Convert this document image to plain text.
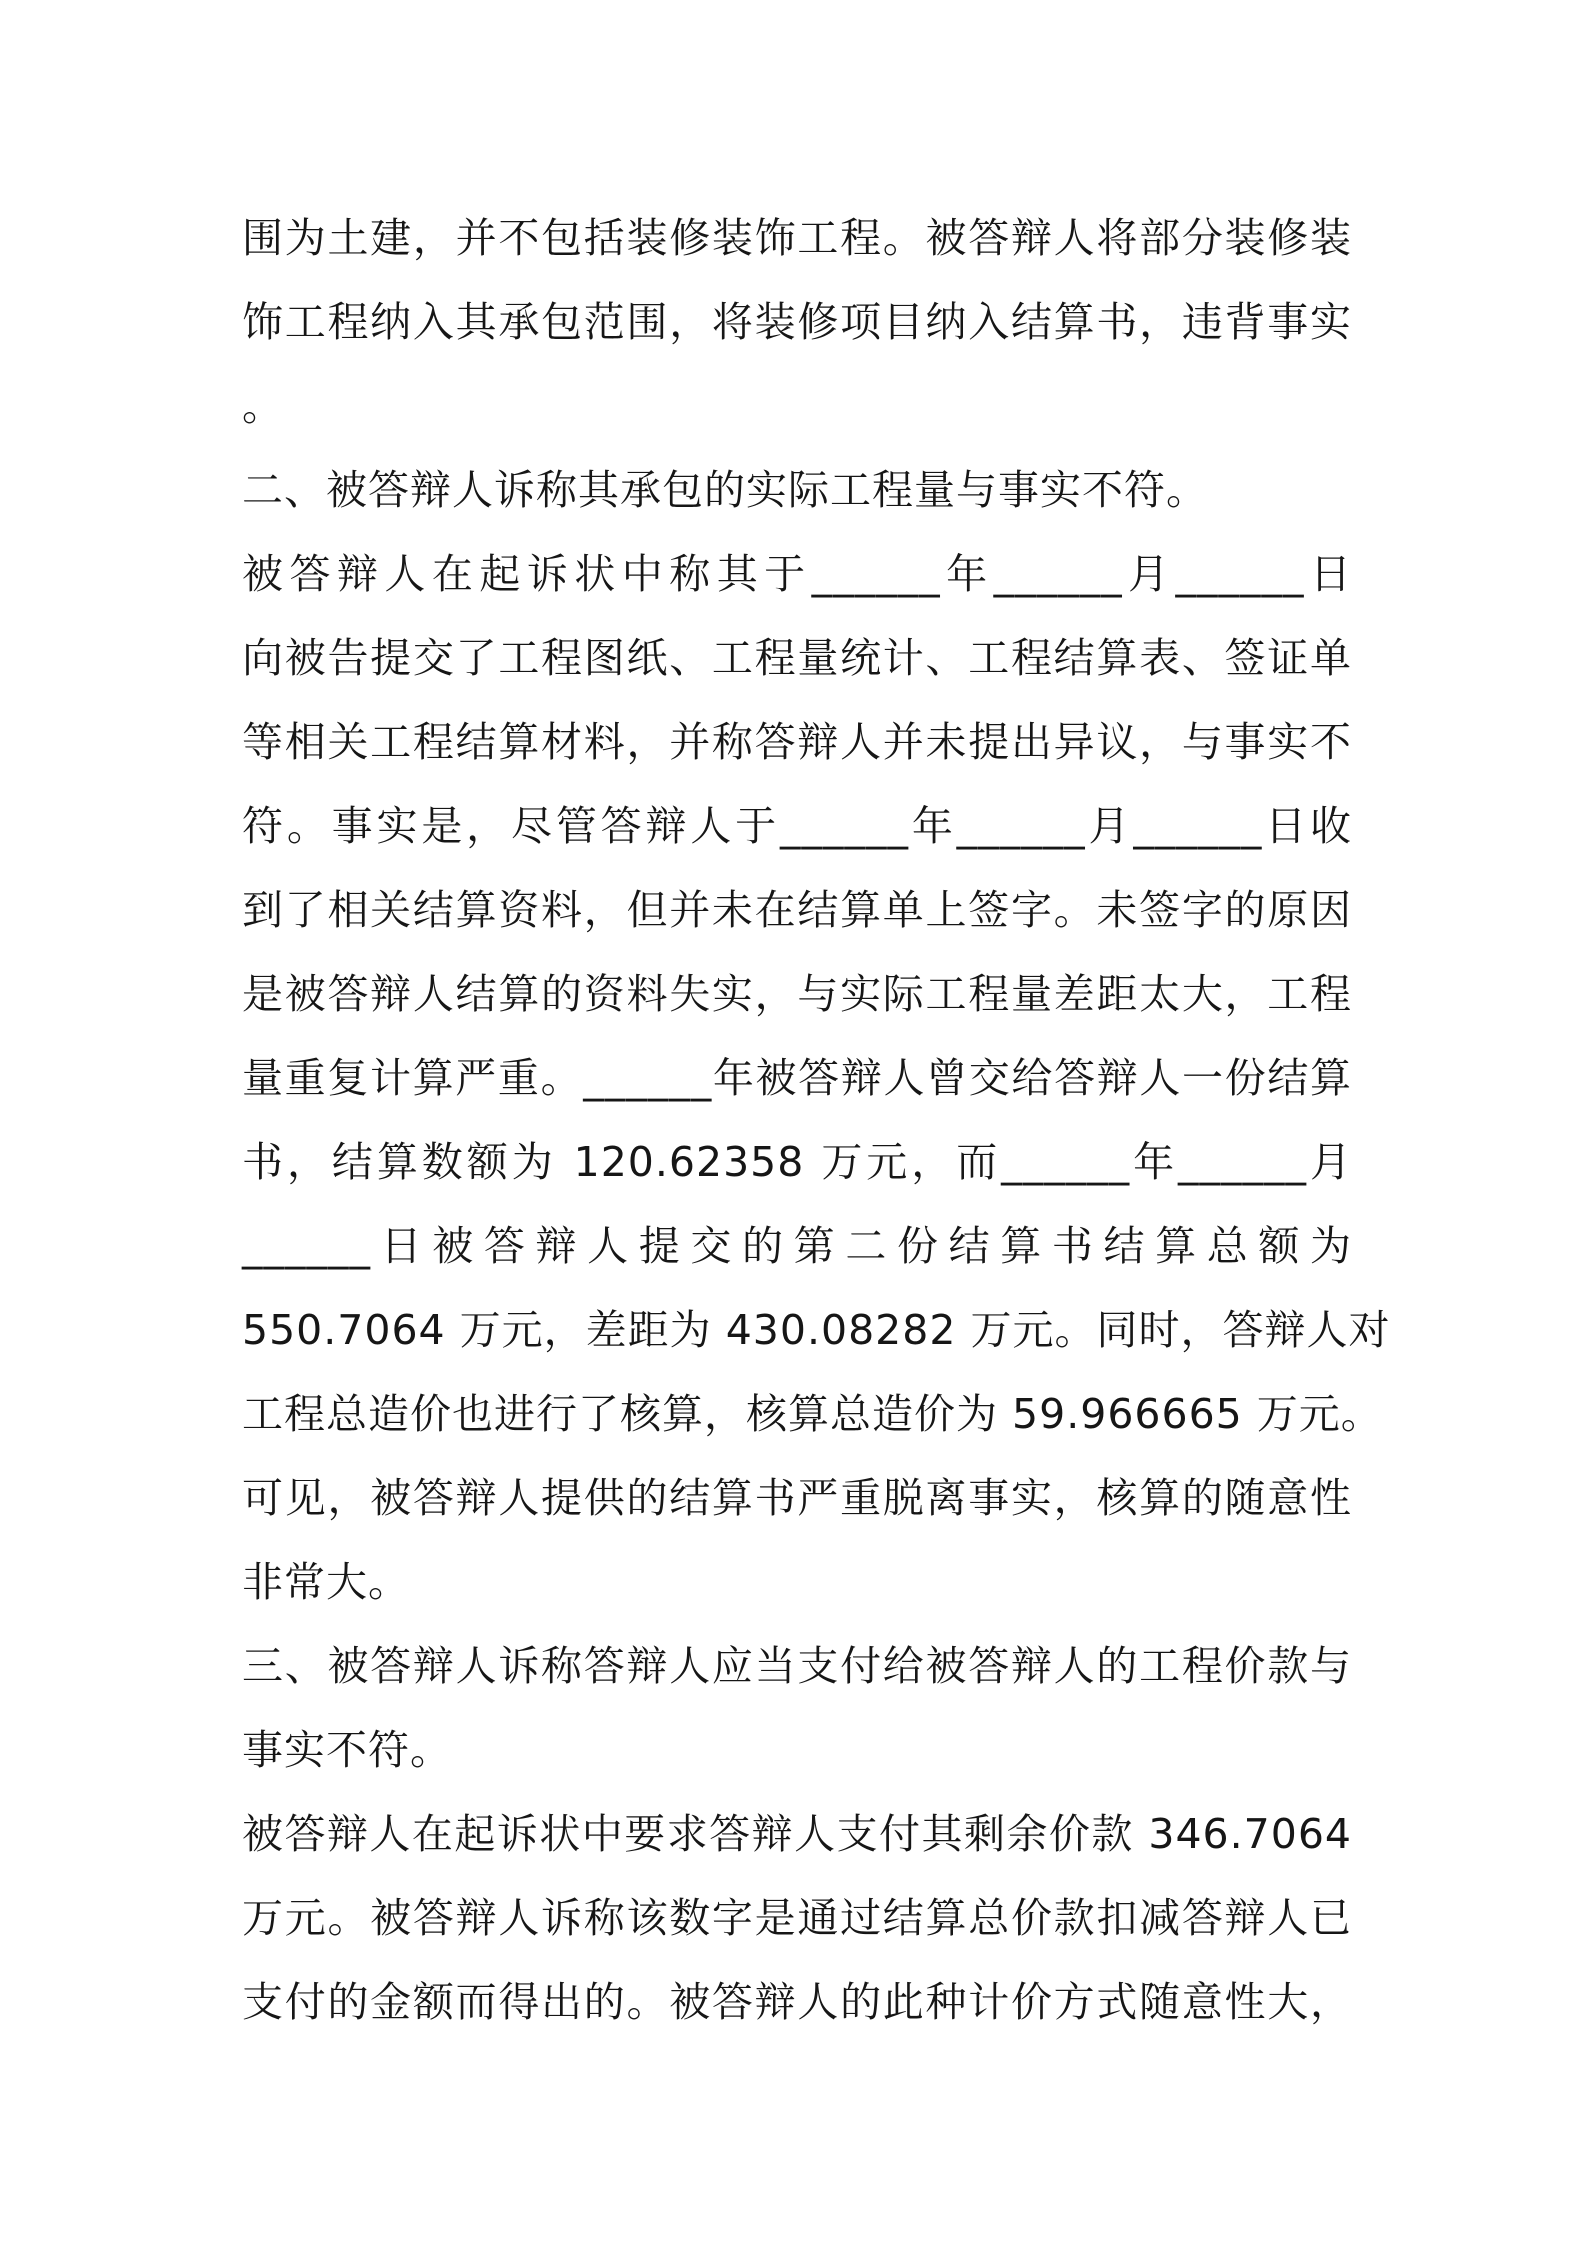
围为土建，并不包括装修装饰工程。被答辩人将部分装修装
饰工程纳入其承包范围，将装修项目纳入结算书，违背事实
。
二、被答辩人诉称其承包的实际工程量与事实不符。
被答辩人在起诉状中称其于______年______月______日
向被告提交了工程图纸、工程量统计、工程结算表、签证单
等相关工程结算材料，并称答辩人并未提出异议，与事实不
符。事实是，尽管答辩人于______年______月______日收
到了相关结算资料，但并未在结算单上签字。未签字的原因
是被答辩人结算的资料失实，与实际工程量差距太大，工程
量重复计算严重。______年被答辩人曾交给答辩人一份结算
书，结算数额为 120.62358 万元，而______年______月
______日被答辩人提交的第二份结算书结算总额为
550.7064 万元，差距为 430.08282 万元。同时，答辩人对
工程总造价也进行了核算，核算总造价为 59.966665 万元。
可见，被答辩人提供的结算书严重脱离事实，核算的随意性
非常大。
三、被答辩人诉称答辩人应当支付给被答辩人的工程价款与
事实不符。
被答辩人在起诉状中要求答辩人支付其剩余价款 346.7064
万元。被答辩人诉称该数字是通过结算总价款扣减答辩人已
支付的金额而得出的。被答辩人的此种计价方式随意性大，
